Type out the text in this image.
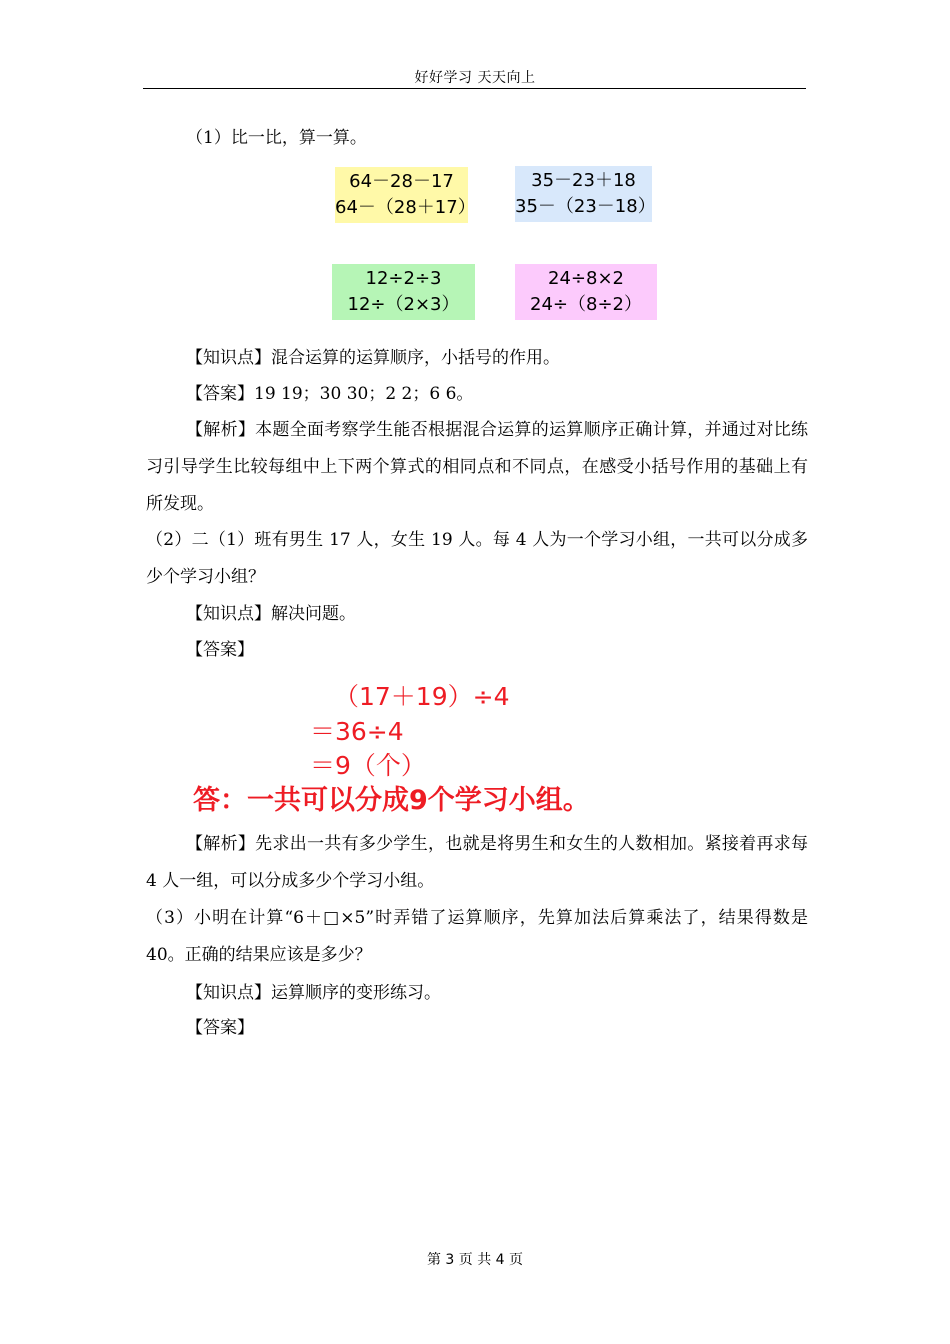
好好学习 天天向上
（1）比一比，算一算。
64－28－17
64－（28＋17）
35－23＋18
35－（23－18）
12÷2÷3
12÷（2×3）
24÷8×2
24÷（8÷2）
【知识点】混合运算的运算顺序，小括号的作用。
【答案】19 19；30 30；2 2；6 6。
【解析】本题全面考察学生能否根据混合运算的运算顺序正确计算，并通过对比练习引导学生比较每组中上下两个算式的相同点和不同点，在感受小括号作用的基础上有所发现。
（2）二（1）班有男生 17 人，女生 19 人。每 4 人为一个学习小组，一共可以分成多少个学习小组？
【知识点】解决问题。
【答案】
（17＋19）÷4
＝36÷4
＝9（个）
答：一共可以分成9个学习小组。
【解析】先求出一共有多少学生，也就是将男生和女生的人数相加。紧接着再求每 4 人一组，可以分成多少个学习小组。
（3）小明在计算“6＋□×5”时弄错了运算顺序，先算加法后算乘法了，结果得数是 40。正确的结果应该是多少？
【知识点】运算顺序的变形练习。
【答案】
第 3 页 共 4 页
